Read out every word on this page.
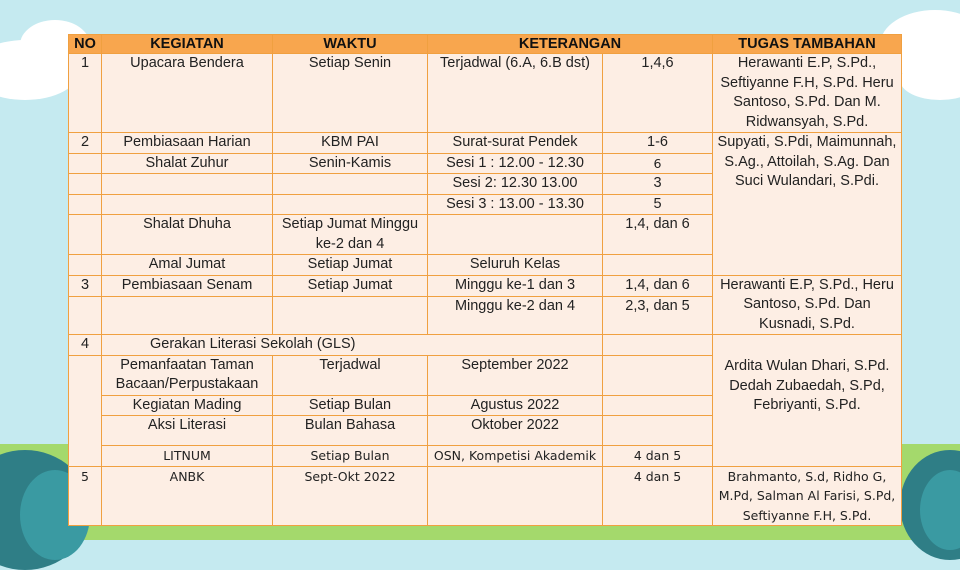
NO	KEGIATAN	WAKTU	KETERANGAN		TUGAS TAMBAHAN
1	Upacara Bendera	Setiap Senin	Terjadwal (6.A, 6.B dst)	1,4,6	Herawanti E.P, S.Pd., Seftiyanne F.H, S.Pd. Heru Santoso, S.Pd. Dan M. Ridwansyah, S.Pd.
2	Pembiasaan Harian	KBM PAI	Surat-surat Pendek	1-6	Supyati, S.Pdi, Maimunnah, S.Ag., Attoilah, S.Ag. Dan Suci Wulandari, S.Pdi.
	Shalat Zuhur	Senin-Kamis	Sesi 1 : 12.00 - 12.30	6	
			Sesi 2: 12.30 13.00	3	
			Sesi 3 : 13.00 - 13.30	5	
	Shalat Dhuha	Setiap Jumat Minggu ke-2 dan 4		1,4, dan 6	
	Amal Jumat	Setiap Jumat	Seluruh Kelas		
3	Pembiasaan Senam	Setiap Jumat	Minggu ke-1 dan 3	1,4, dan 6	Herawanti E.P, S.Pd., Heru Santoso, S.Pd. Dan Kusnadi, S.Pd.
			Minggu ke-2 dan 4	2,3, dan 5	
4	Gerakan Literasi Sekolah (GLS)				Ardita Wulan Dhari, S.Pd. Dedah Zubaedah, S.Pd, Febriyanti, S.Pd.
	Pemanfaatan Taman Bacaan/Perpustakaan	Terjadwal	September 2022		
	Kegiatan Mading	Setiap Bulan	Agustus 2022		
	Aksi Literasi	Bulan Bahasa	Oktober 2022		
	LITNUM	Setiap Bulan	OSN, Kompetisi Akademik	4 dan 5	
5	ANBK	Sept-Okt 2022		4 dan 5	Brahmanto, S.d, Ridho G, M.Pd, Salman Al Farisi, S.Pd, Seftiyanne F.H, S.Pd.
